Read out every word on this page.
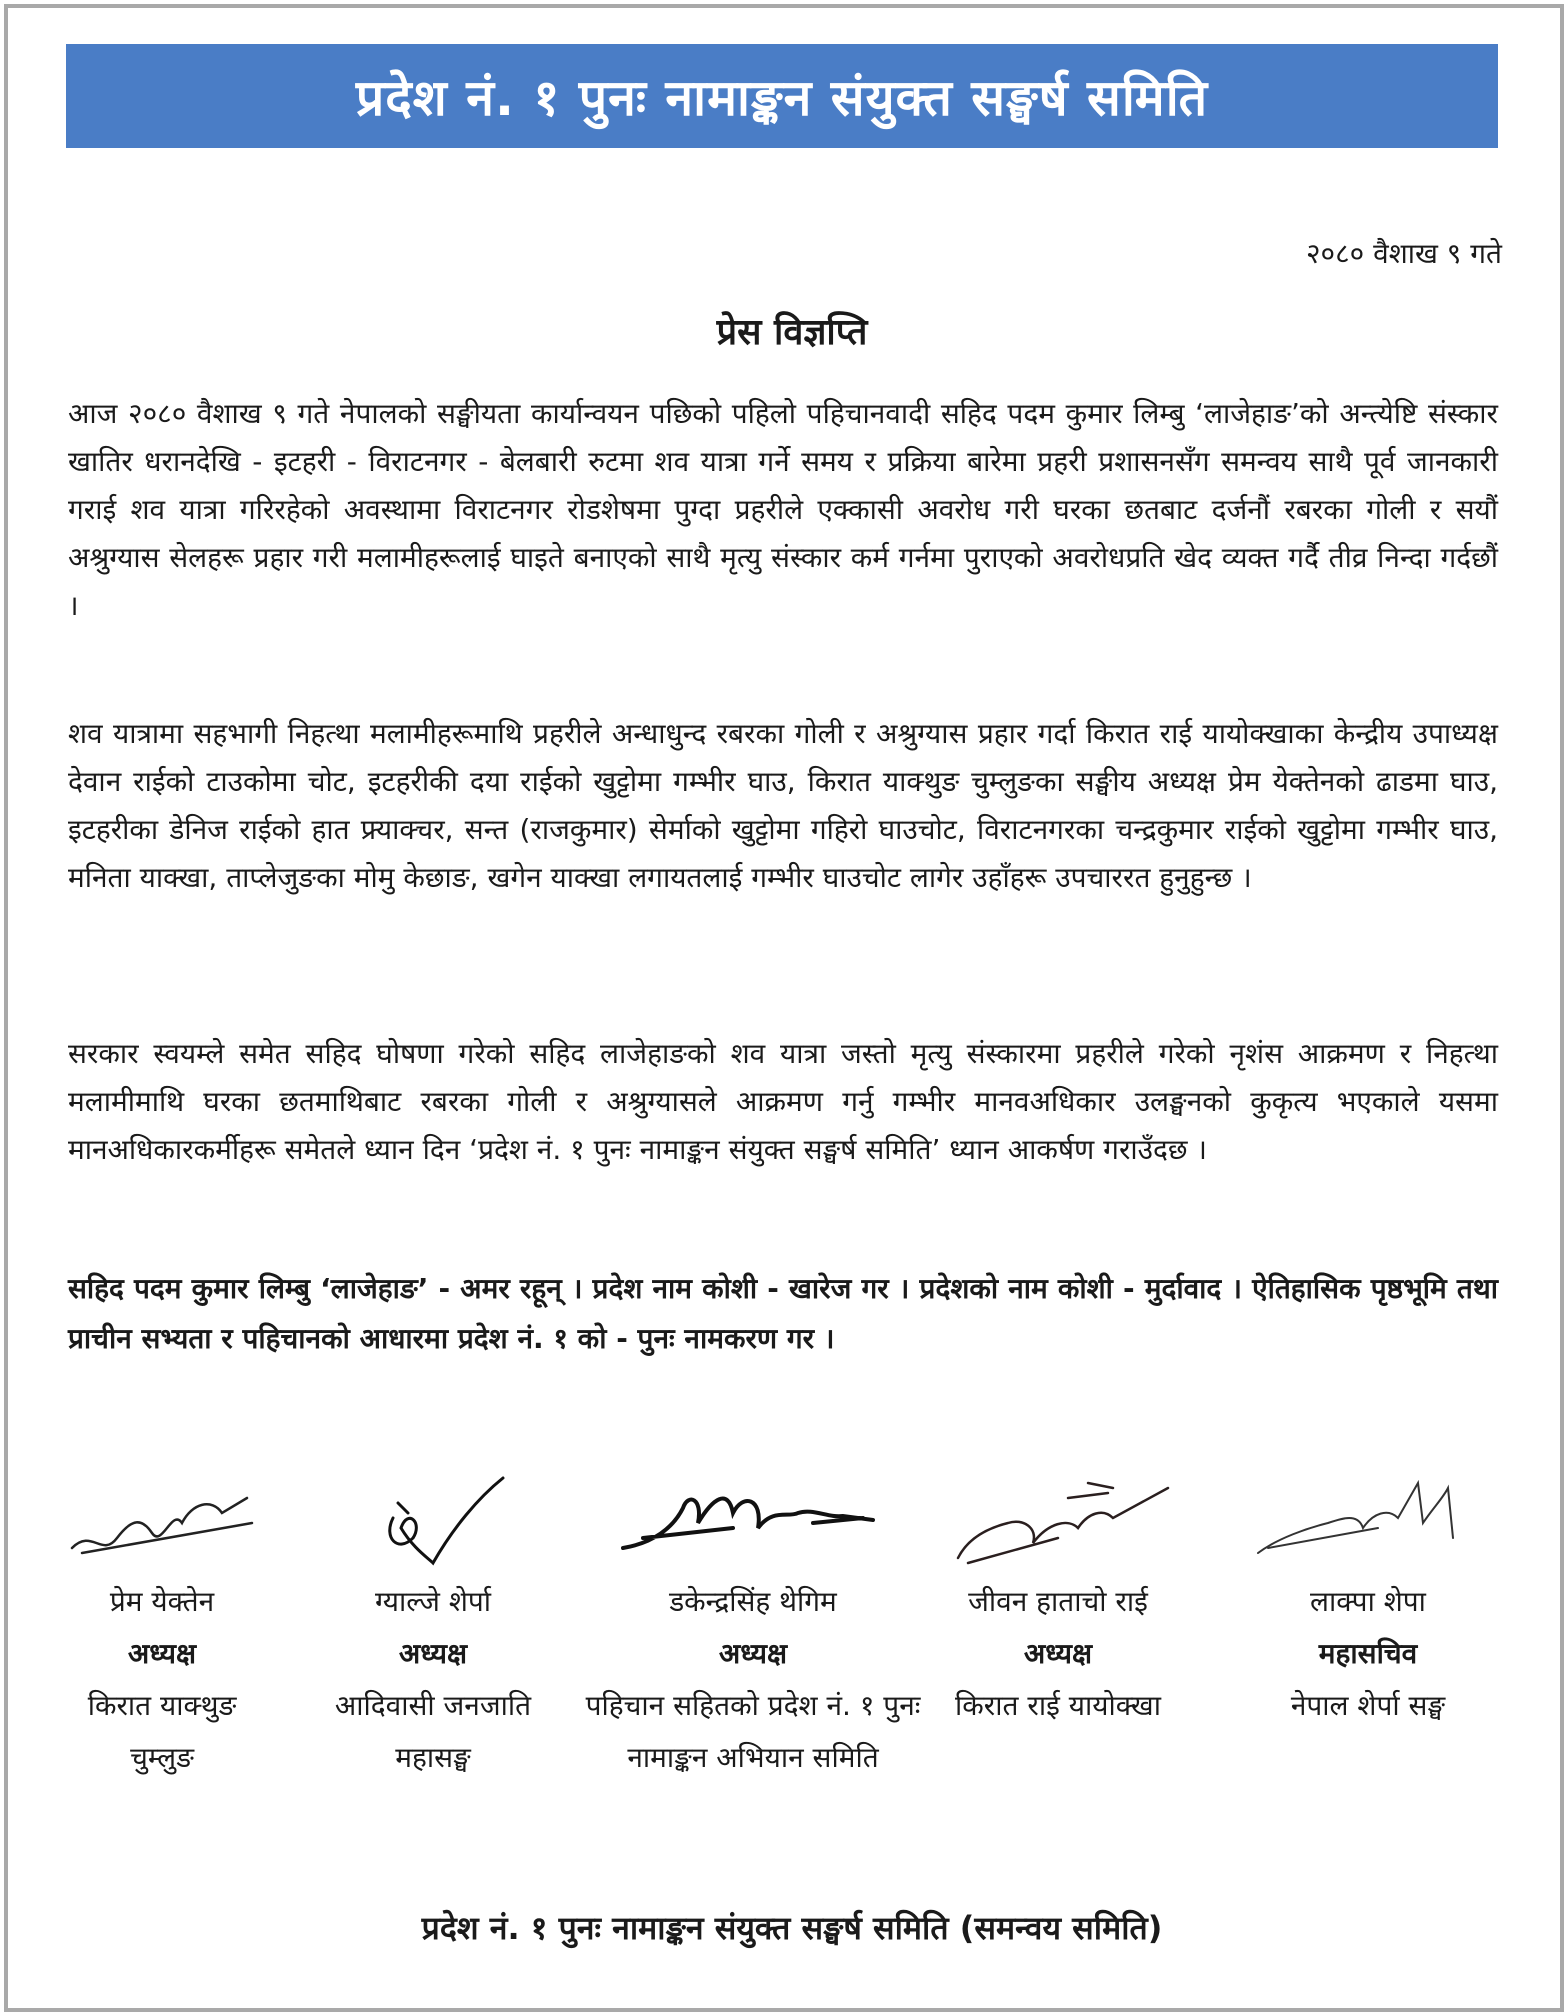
प्रदेश नं. १ पुनः नामाङ्कन संयुक्त सङ्घर्ष समिति
२०८० वैशाख ९ गते
प्रेस विज्ञप्ति

आज २०८० वैशाख ९ गते नेपालको सङ्घीयता कार्यान्वयन पछिको पहिलो पहिचानवादी सहिद पदम कुमार लिम्बु ‘लाजेहाङ’को अन्त्येष्टि संस्कार खातिर धरानदेखि - इटहरी - विराटनगर - बेलबारी रुटमा शव यात्रा गर्ने समय र प्रक्रिया बारेमा प्रहरी प्रशासनसँग समन्वय साथै पूर्व जानकारी गराई शव यात्रा गरिरहेको अवस्थामा विराटनगर रोडशेषमा पुग्दा प्रहरीले एक्कासी अवरोध गरी घरका छतबाट दर्जनौं रबरका गोली र सयौं अश्रुग्यास सेलहरू प्रहार गरी मलामीहरूलाई घाइते बनाएको साथै मृत्यु संस्कार कर्म गर्नमा पुराएको अवरोधप्रति खेद व्यक्त गर्दै तीव्र निन्दा गर्दछौं ।

शव यात्रामा सहभागी निहत्था मलामीहरूमाथि प्रहरीले अन्धाधुन्द रबरका गोली र अश्रुग्यास प्रहार गर्दा किरात राई यायोक्खाका केन्द्रीय उपाध्यक्ष देवान राईको टाउकोमा चोट, इटहरीकी दया राईको खुट्टोमा गम्भीर घाउ, किरात याक्थुङ चुम्लुङका सङ्घीय अध्यक्ष प्रेम येक्तेनको ढाडमा घाउ, इटहरीका डेनिज राईको हात फ्र्याक्चर, सन्त (राजकुमार) सेर्माको खुट्टोमा गहिरो घाउचोट, विराटनगरका चन्द्रकुमार राईको खुट्टोमा गम्भीर घाउ, मनिता याक्खा, ताप्लेजुङका मोमु केछाङ, खगेन याक्खा लगायतलाई गम्भीर घाउचोट लागेर उहाँहरू उपचाररत हुनुहुन्छ ।

सरकार स्वयम्ले समेत सहिद घोषणा गरेको सहिद लाजेहाङको शव यात्रा जस्तो मृत्यु संस्कारमा प्रहरीले गरेको नृशंस आक्रमण र निहत्था मलामीमाथि घरका छतमाथिबाट रबरका गोली र अश्रुग्यासले आक्रमण गर्नु गम्भीर मानवअधिकार उलङ्घनको कुकृत्य भएकाले यसमा मानअधिकारकर्मीहरू समेतले ध्यान दिन ‘प्रदेश नं. १ पुनः नामाङ्कन संयुक्त सङ्घर्ष समिति’ ध्यान आकर्षण गराउँदछ ।

सहिद पदम कुमार लिम्बु ‘लाजेहाङ’ - अमर रहून् । प्रदेश नाम कोशी - खारेज गर । प्रदेशको नाम कोशी - मुर्दावाद । ऐतिहासिक पृष्ठभूमि तथा प्राचीन सभ्यता र पहिचानको आधारमा प्रदेश नं. १ को - पुनः नामकरण गर ।

प्रेम येक्तेन
अध्यक्ष
किरात याक्थुङ चुम्लुङ
ग्याल्जे शेर्पा
अध्यक्ष
आदिवासी जनजाति महासङ्घ
डकेन्द्रसिंह थेगिम
अध्यक्ष
पहिचान सहितको प्रदेश नं. १ पुनः नामाङ्कन अभियान समिति
जीवन हाताचो राई
अध्यक्ष
किरात राई यायोक्खा
लाक्पा शेपा
महासचिव
नेपाल शेर्पा सङ्घ
प्रदेश नं. १ पुनः नामाङ्कन संयुक्त सङ्घर्ष समिति (समन्वय समिति)
